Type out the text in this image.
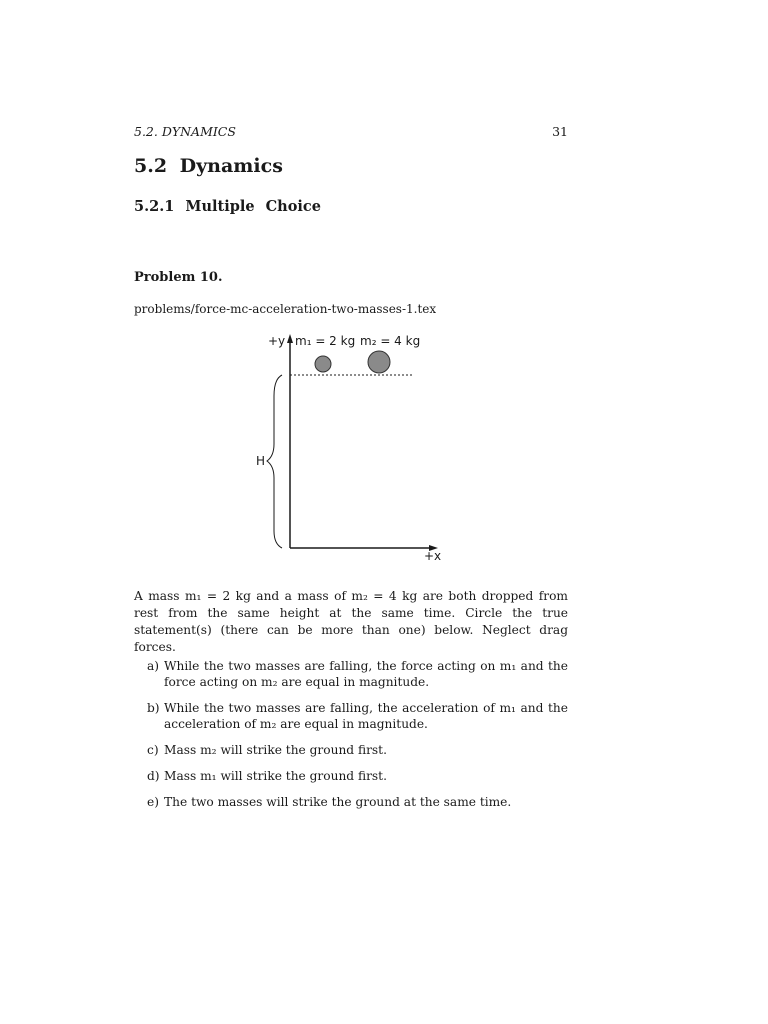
5.2. DYNAMICS	31
5.2 Dynamics
5.2.1 Multiple Choice
Problem 10.
problems/force-mc-acceleration-two-masses-1.tex
+y m₁ = 2 kg m₂ = 4 kg
H
+x
A mass m₁ = 2 kg and a mass of m₂ = 4 kg are both dropped from rest from the same height at the same time. Circle the true statement(s) (there can be more than one) below. Neglect drag forces.
a) While the two masses are falling, the force acting on m₁ and the force acting on m₂ are equal in magnitude.
b) While the two masses are falling, the acceleration of m₁ and the acceleration of m₂ are equal in magnitude.
c) Mass m₂ will strike the ground first.
d) Mass m₁ will strike the ground first.
e) The two masses will strike the ground at the same time.
